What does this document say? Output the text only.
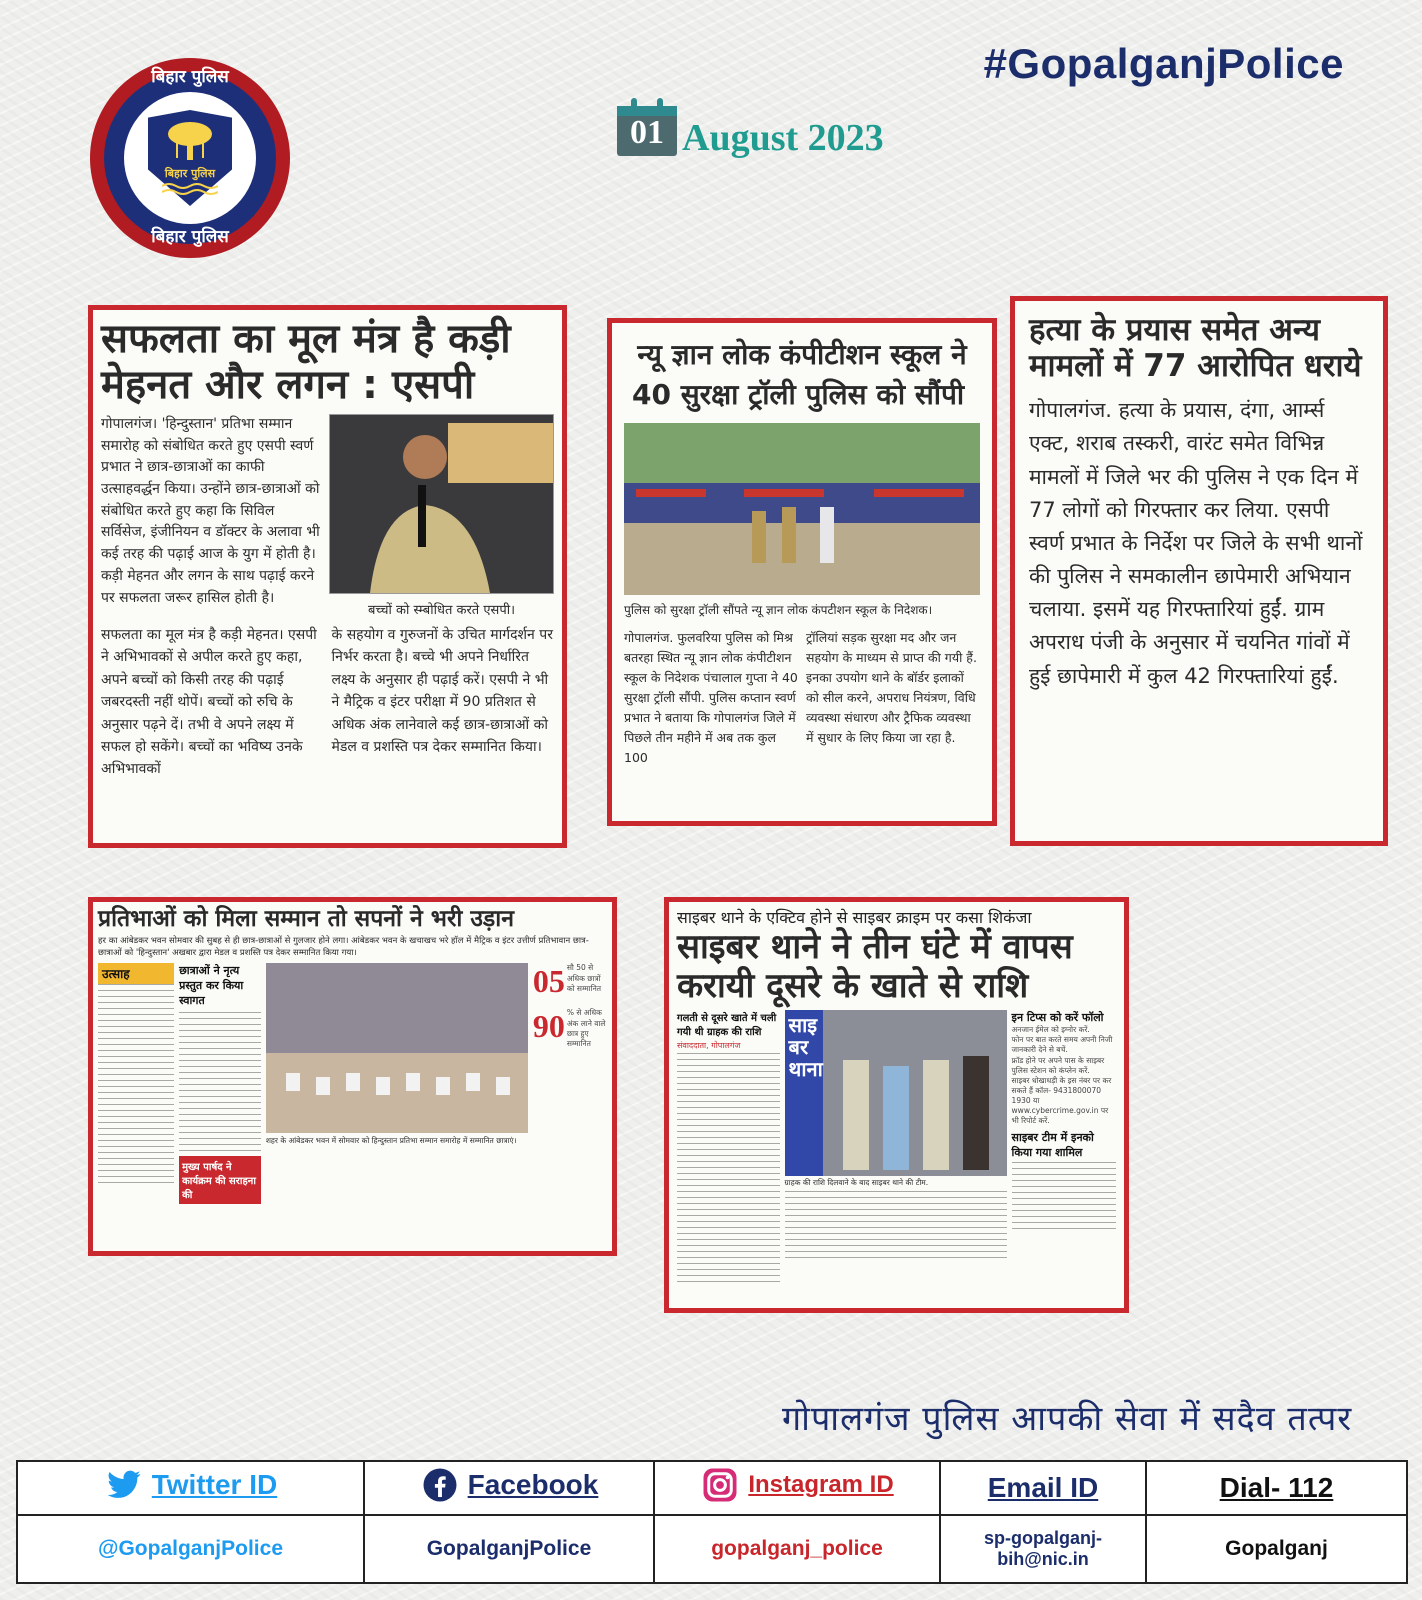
बिहार पुलिस
बिहार पुलिस
बिहार पुलिस
#GopalganjPolice
01 August 2023
सफलता का मूल मंत्र है कड़ी
मेहनत और लगन : एसपी

गोपालगंज। 'हिन्दुस्तान' प्रतिभा सम्मान समारोह को संबोधित करते हुए एसपी स्वर्ण प्रभात ने छात्र-छात्राओं का काफी उत्साहवर्द्धन किया। उन्होंने छात्र-छात्राओं को संबोधित करते हुए कहा कि सिविल सर्विसेज, इंजीनियन व डॉक्टर के अलावा भी कई तरह की पढ़ाई आज के युग में होती है। कड़ी मेहनत और लगन के साथ पढ़ाई करने पर सफलता जरूर हासिल होती है।

बच्चों को स्म्बोधित करते एसपी।

सफलता का मूल मंत्र है कड़ी मेहनत। एसपी ने अभिभावकों से अपील करते हुए कहा, अपने बच्चों को किसी तरह की पढ़ाई जबरदस्ती नहीं थोपें। बच्चों को रुचि के अनुसार पढ़ने दें। तभी वे अपने लक्ष्य में सफल हो सकेंगे। बच्चों का भविष्य उनके अभिभावकों

के सहयोग व गुरुजनों के उचित मार्गदर्शन पर निर्भर करता है। बच्चे भी अपने निर्धारित लक्ष्य के अनुसार ही पढ़ाई करें। एसपी ने भी ने मैट्रिक व इंटर परीक्षा में 90 प्रतिशत से अधिक अंक लानेवाले कई छात्र-छात्राओं को मेडल व प्रशस्ति पत्र देकर सम्मानित किया।

न्यू ज्ञान लोक कंपीटीशन स्कूल ने
40 सुरक्षा ट्रॉली पुलिस को सौंपी

पुलिस को सुरक्षा ट्रॉली सौंपते न्यू ज्ञान लोक कंपटीशन स्कूल के निदेशक।

गोपालगंज. फुलवरिया पुलिस को मिश्र बतरहा स्थित न्यू ज्ञान लोक कंपीटीशन स्कूल के निदेशक पंचालाल गुप्ता ने 40 सुरक्षा ट्रॉली सौंपी. पुलिस कप्तान स्वर्ण प्रभात ने बताया कि गोपालगंज जिले में पिछले तीन महीने में अब तक कुल 100

ट्रॉलियां सड़क सुरक्षा मद और जन सहयोग के माध्यम से प्राप्त की गयी हैं. इनका उपयोग थाने के बॉर्डर इलाकों को सील करने, अपराध नियंत्रण, विधि व्यवस्था संधारण और ट्रैफिक व्यवस्था में सुधार के लिए किया जा रहा है.

हत्या के प्रयास समेत अन्य
मामलों में 77 आरोपित धराये

गोपालगंज. हत्या के प्रयास, दंगा, आर्म्स एक्ट, शराब तस्करी, वारंट समेत विभिन्न मामलों में जिले भर की पुलिस ने एक दिन में 77 लोगों को गिरफ्तार कर लिया. एसपी स्वर्ण प्रभात के निर्देश पर जिले के सभी थानों की पुलिस ने समकालीन छापेमारी अभियान चलाया. इसमें यह गिरफ्तारियां हुईं. ग्राम अपराध पंजी के अनुसार में चयनित गांवों में हुई छापेमारी में कुल 42 गिरफ्तारियां हुईं.

प्रतिभाओं को मिला सम्मान तो सपनों ने भरी उड़ान

हर का आंबेडकर भवन सोमवार की सुबह से ही छात्र-छात्राओं से गुलजार होने लगा। आंबेडकर भवन के खचाखच भरे हॉल में मैट्रिक व इंटर उत्तीर्ण प्रतिभावान छात्र-छात्राओं को 'हिन्दुस्तान' अखबार द्वारा मेडल व प्रशस्ति पत्र देकर सम्मानित किया गया।

उत्साह	छात्राओं ने नृत्य प्रस्तुत कर किया स्वागत
मुख्य पार्षद ने कार्यक्रम की सराहना की

शहर के आंबेडकर भवन में सोमवार को हिन्दुस्तान प्रतिभा सम्मान समारोह में सम्मानित छात्राएं।

05 सौ 50 से अधिक छात्रों को सम्मानित
90 % से अधिक अंक लाने वाले छात्र हुए सम्मानित
साइबर थाने के एक्टिव होने से साइबर क्राइम पर कसा शिकंजा
साइबर थाने ने तीन घंटे में वापस
करायी दूसरे के खाते से राशि
गलती से दूसरे खाते में चली गयी थी ग्राहक की राशि
संवाददाता, गोपालगंज
साइबर थाना

ग्राहक की राशि दिलवाने के बाद साइबर थाने की टीम.

इन टिप्स को करें फॉलो
अनजान ईमेल को इग्नोर करें.
फोन पर बात करते समय अपनी निजी जानकारी देने से बचें.
फ्रॉड होने पर अपने पास के साइबर पुलिस स्टेशन को कंप्लेन करें.
साइबर धोखाधड़ी के इस नंबर पर कर सकते हैं कॉल- 9431800070
1930 या www.cybercrime.gov.in पर भी रिपोर्ट करें.
साइबर टीम में इनको किया गया शामिल
गोपालगंज पुलिस आपकी सेवा में सदैव तत्पर
Twitter ID	Facebook	Instagram ID	Email ID	Dial- 112
@GopalganjPolice	GopalganjPolice	gopalganj_police	sp-gopalganj-bih@nic.in	Gopalganj
